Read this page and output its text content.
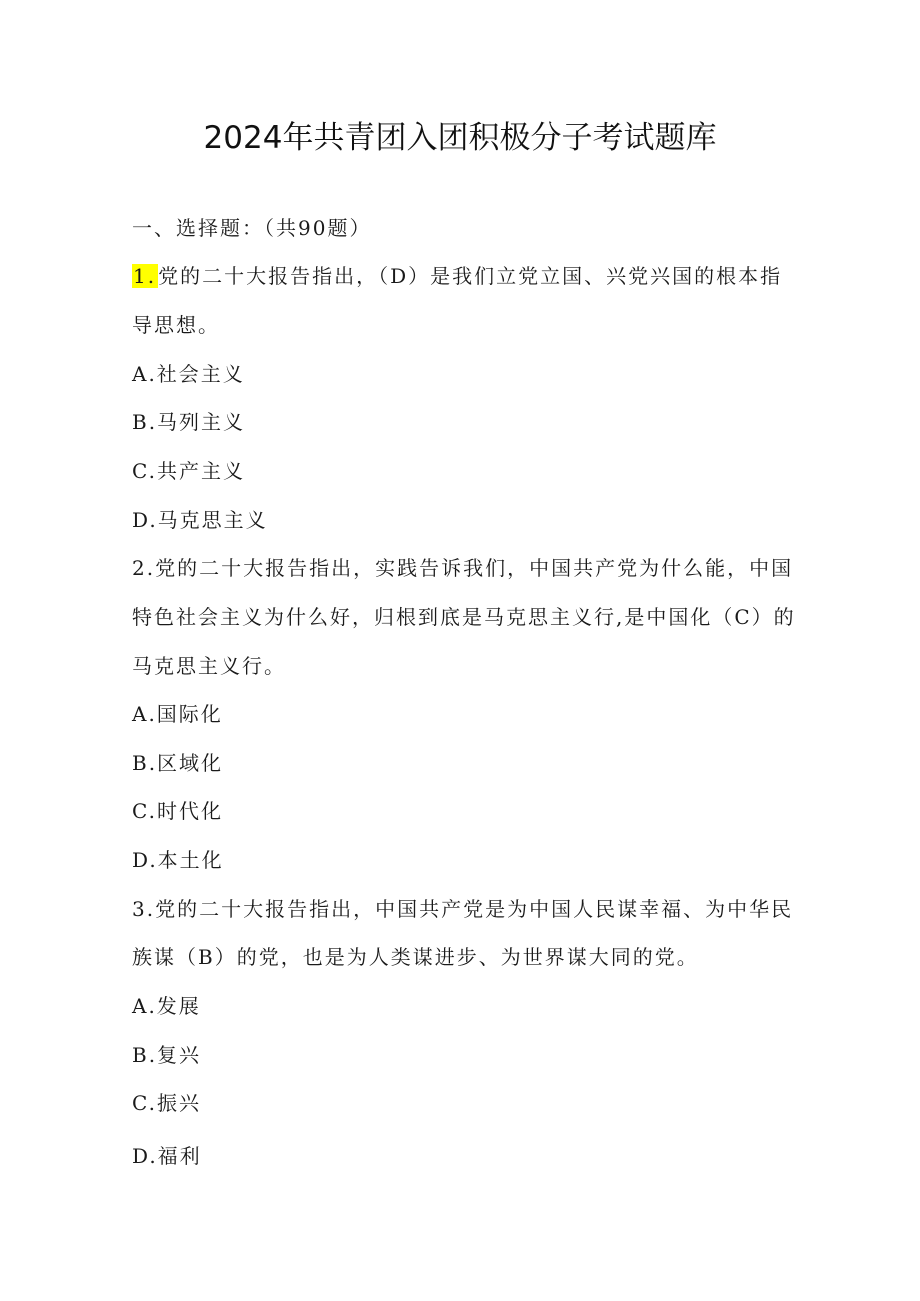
2024年共青团入团积极分子考试题库
一、选择题：（共90题）
1. 党的二十大报告指出，（D）是我们立党立国、兴党兴国的根本指
导思想。
A.社会主义
B.马列主义
C.共产主义
D.马克思主义
2.党的二十大报告指出，实践告诉我们，中国共产党为什么能，中国
特色社会主义为什么好，归根到底是马克思主义行,是中国化（C）的
马克思主义行。
A.国际化
B.区域化
C.时代化
D.本土化
3.党的二十大报告指出，中国共产党是为中国人民谋幸福、为中华民
族谋（B）的党，也是为人类谋进步、为世界谋大同的党。
A.发展
B.复兴
C.振兴
D.福利
